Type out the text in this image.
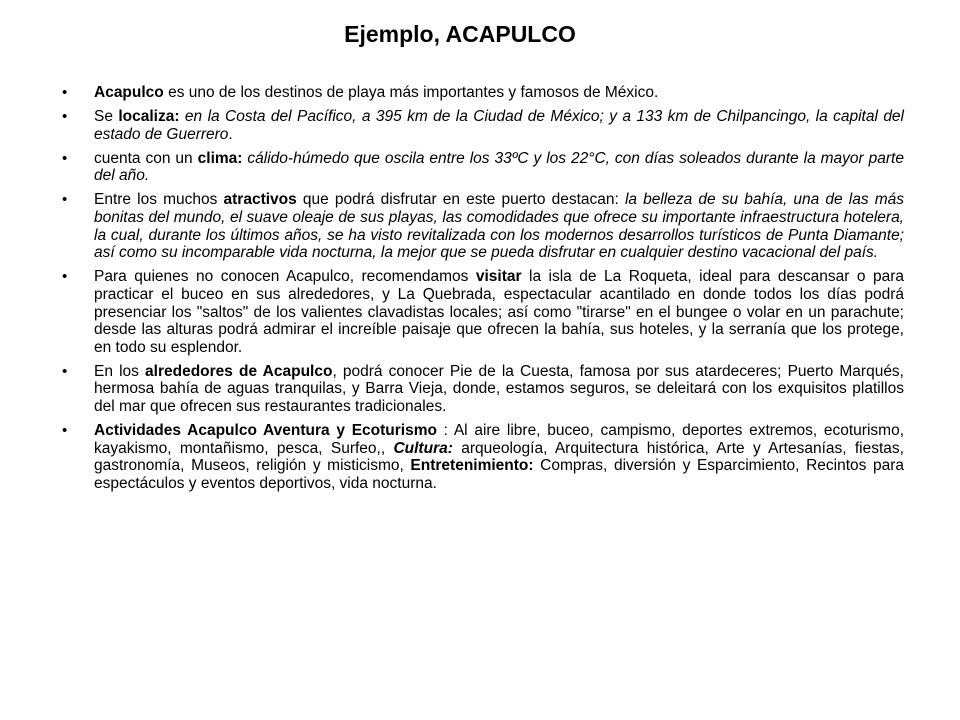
Ejemplo, ACAPULCO
• Acapulco es uno de los destinos de playa más importantes y famosos de México.
• Se localiza: en la Costa del Pacífico, a 395 km de la Ciudad de México; y a 133 km de Chilpancingo, la capital del estado de Guerrero.
• cuenta con un clima: cálido-húmedo que oscila entre los 33ºC y los 22°C, con días soleados durante la mayor parte del año.
• Entre los muchos atractivos que podrá disfrutar en este puerto destacan: la belleza de su bahía, una de las más bonitas del mundo, el suave oleaje de sus playas, las comodidades que ofrece su importante infraestructura hotelera, la cual, durante los últimos años, se ha visto revitalizada con los modernos desarrollos turísticos de Punta Diamante; así como su incomparable vida nocturna, la mejor que se pueda disfrutar en cualquier destino vacacional del país.
• Para quienes no conocen Acapulco, recomendamos visitar la isla de La Roqueta, ideal para descansar o para practicar el buceo en sus alrededores, y La Quebrada, espectacular acantilado en donde todos los días podrá presenciar los "saltos" de los valientes clavadistas locales; así como "tirarse" en el bungee o volar en un parachute; desde las alturas podrá admirar el increíble paisaje que ofrecen la bahía, sus hoteles, y la serranía que los protege, en todo su esplendor.
• En los alrededores de Acapulco, podrá conocer Pie de la Cuesta, famosa por sus atardeceres; Puerto Marqués, hermosa bahía de aguas tranquilas, y Barra Vieja, donde, estamos seguros, se deleitará con los exquisitos platillos del mar que ofrecen sus restaurantes tradicionales.
• Actividades Acapulco Aventura y Ecoturismo : Al aire libre, buceo, campismo, deportes extremos, ecoturismo, kayakismo, montañismo, pesca, Surfeo,, Cultura: arqueología, Arquitectura histórica, Arte y Artesanías, fiestas, gastronomía, Museos, religión y misticismo, Entretenimiento: Compras, diversión y Esparcimiento, Recintos para espectáculos y eventos deportivos, vida nocturna.
